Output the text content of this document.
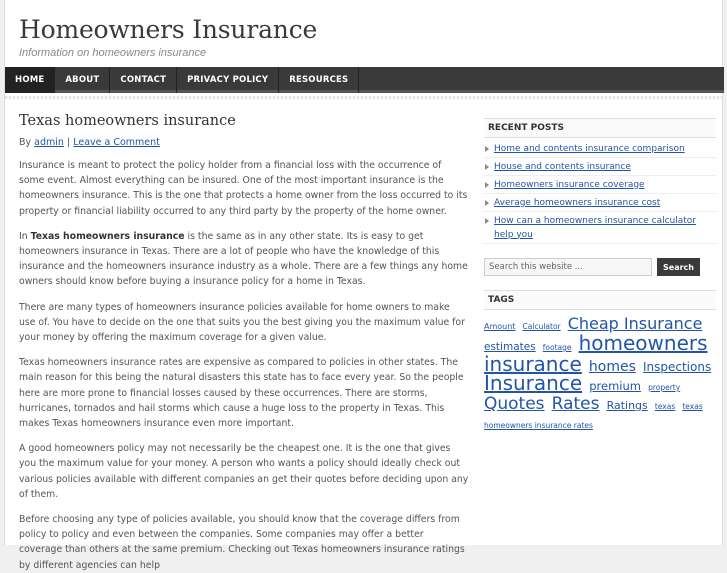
Homeowners Insurance
Information on homeowners insurance
HOME	ABOUT	CONTACT	PRIVACY POLICY	RESOURCES
Texas homeowners insurance
By admin | Leave a Comment

Insurance is meant to protect the policy holder from a financial loss with the occurrence of some event. Almost everything can be insured. One of the most important insurance is the homeowners insurance. This is the one that protects a home owner from the loss occurred to its property or financial liability occurred to any third party by the property of the home owner.

In Texas homeowners insurance is the same as in any other state. Its is easy to get homeowners insurance in Texas. There are a lot of people who have the knowledge of this insurance and the homeowners insurance industry as a whole. There are a few things any home owners should know before buying a insurance policy for a home in Texas.

There are many types of homeowners insurance policies available for home owners to make use of. You have to decide on the one that suits you the best giving you the maximum value for your money by offering the maximum coverage for a given value.

Texas homeowners insurance rates are expensive as compared to policies in other states. The main reason for this being the natural disasters this state has to face every year. So the people here are more prone to financial losses caused by these occurrences. There are storms, hurricanes, tornados and hail storms which cause a huge loss to the property in Texas. This makes Texas homeowners insurance even more important.

A good homeowners policy may not necessarily be the cheapest one. It is the one that gives you the maximum value for your money. A person who wants a policy should ideally check out various policies available with different companies an get their quotes before deciding upon any of them.

Before choosing any type of policies available, you should know that the coverage differs from policy to policy and even between the companies. Some companies may offer a better coverage than others at the same premium. Checking out Texas homeowners insurance ratings by different agencies can help

RECENT POSTS
Home and contents insurance comparison
House and contents insurance
Homeowners insurance coverage
Average homeowners insurance cost
How can a homeowners insurance calculator help you
Search this website ...
Search
TAGS
Amount Calculator Cheap Insurance estimates footage homeowners insurance homes Inspections Insurance premium property Quotes Rates Ratings texas texas homeowners insurance rates
